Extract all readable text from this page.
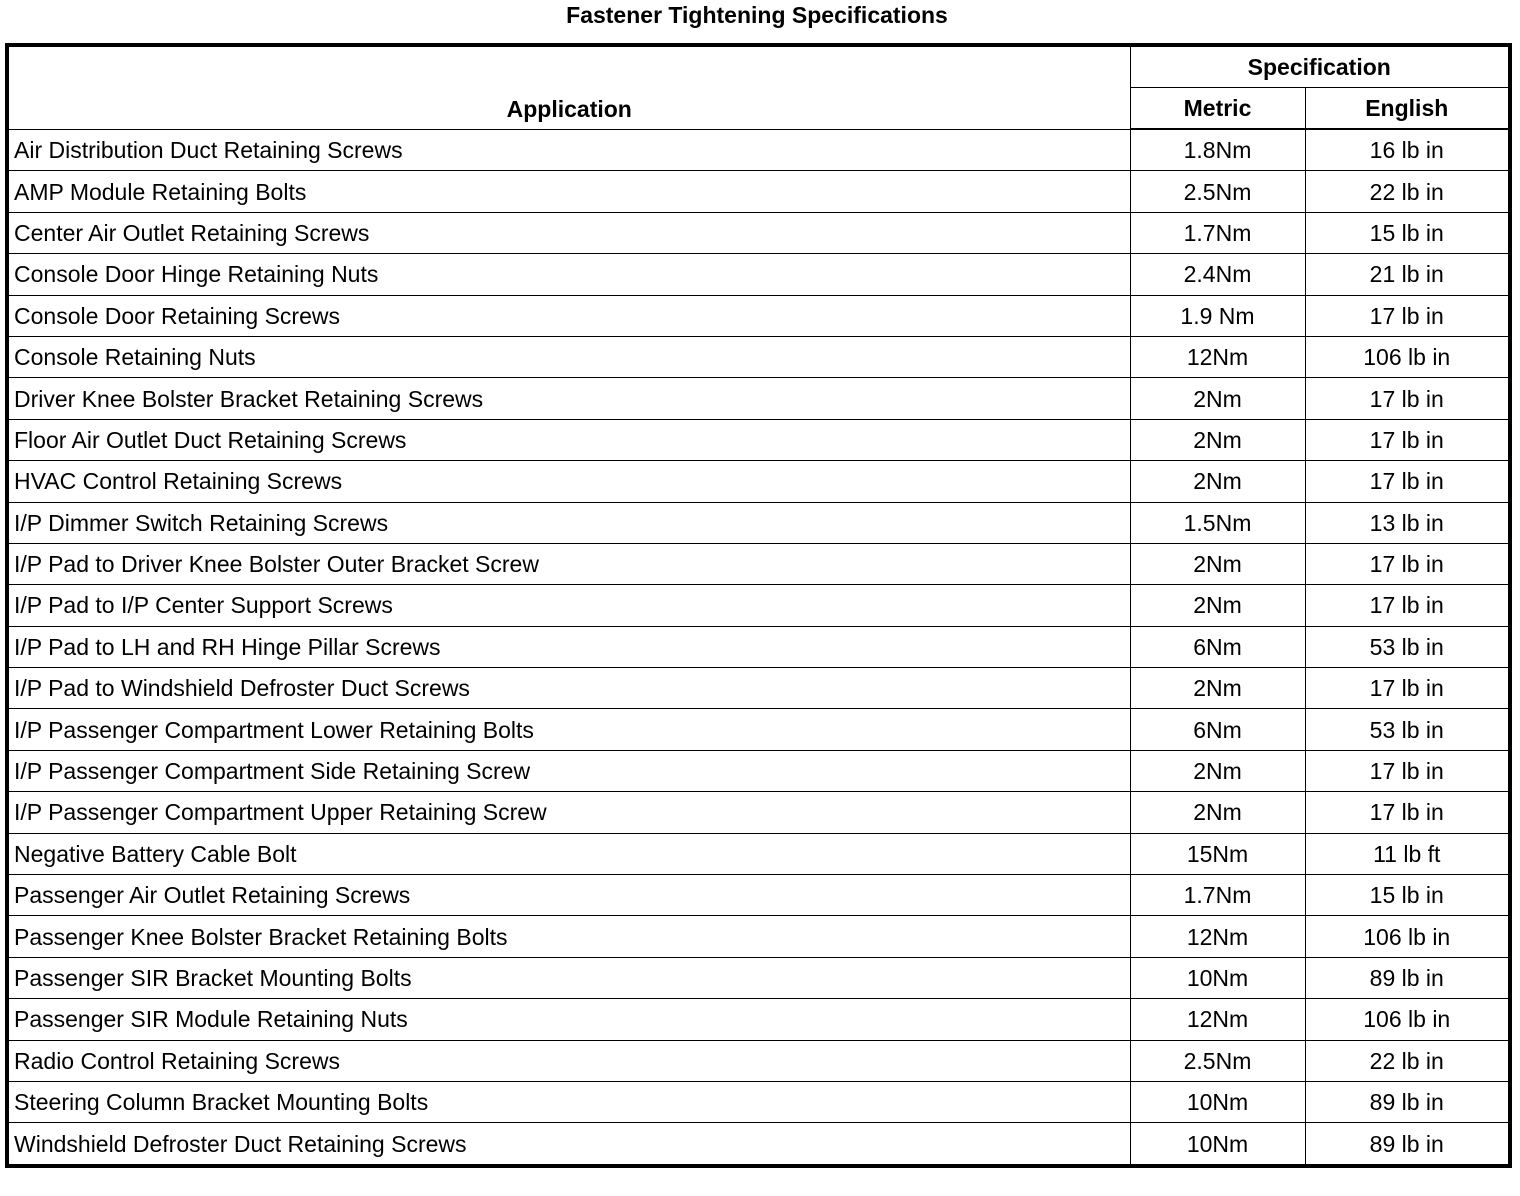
Fastener Tightening Specifications
Application	Specification	
	Metric	English
Air Distribution Duct Retaining Screws	1.8Nm	16 lb in
AMP Module Retaining Bolts	2.5Nm	22 lb in
Center Air Outlet Retaining Screws	1.7Nm	15 lb in
Console Door Hinge Retaining Nuts	2.4Nm	21 lb in
Console Door Retaining Screws	1.9 Nm	17 lb in
Console Retaining Nuts	12Nm	106 lb in
Driver Knee Bolster Bracket Retaining Screws	2Nm	17 lb in
Floor Air Outlet Duct Retaining Screws	2Nm	17 lb in
HVAC Control Retaining Screws	2Nm	17 lb in
I/P Dimmer Switch Retaining Screws	1.5Nm	13 lb in
I/P Pad to Driver Knee Bolster Outer Bracket Screw	2Nm	17 lb in
I/P Pad to I/P Center Support Screws	2Nm	17 lb in
I/P Pad to LH and RH Hinge Pillar Screws	6Nm	53 lb in
I/P Pad to Windshield Defroster Duct Screws	2Nm	17 lb in
I/P Passenger Compartment Lower Retaining Bolts	6Nm	53 lb in
I/P Passenger Compartment Side Retaining Screw	2Nm	17 lb in
I/P Passenger Compartment Upper Retaining Screw	2Nm	17 lb in
Negative Battery Cable Bolt	15Nm	11 lb ft
Passenger Air Outlet Retaining Screws	1.7Nm	15 lb in
Passenger Knee Bolster Bracket Retaining Bolts	12Nm	106 lb in
Passenger SIR Bracket Mounting Bolts	10Nm	89 lb in
Passenger SIR Module Retaining Nuts	12Nm	106 lb in
Radio Control Retaining Screws	2.5Nm	22 lb in
Steering Column Bracket Mounting Bolts	10Nm	89 lb in
Windshield Defroster Duct Retaining Screws	10Nm	89 lb in
